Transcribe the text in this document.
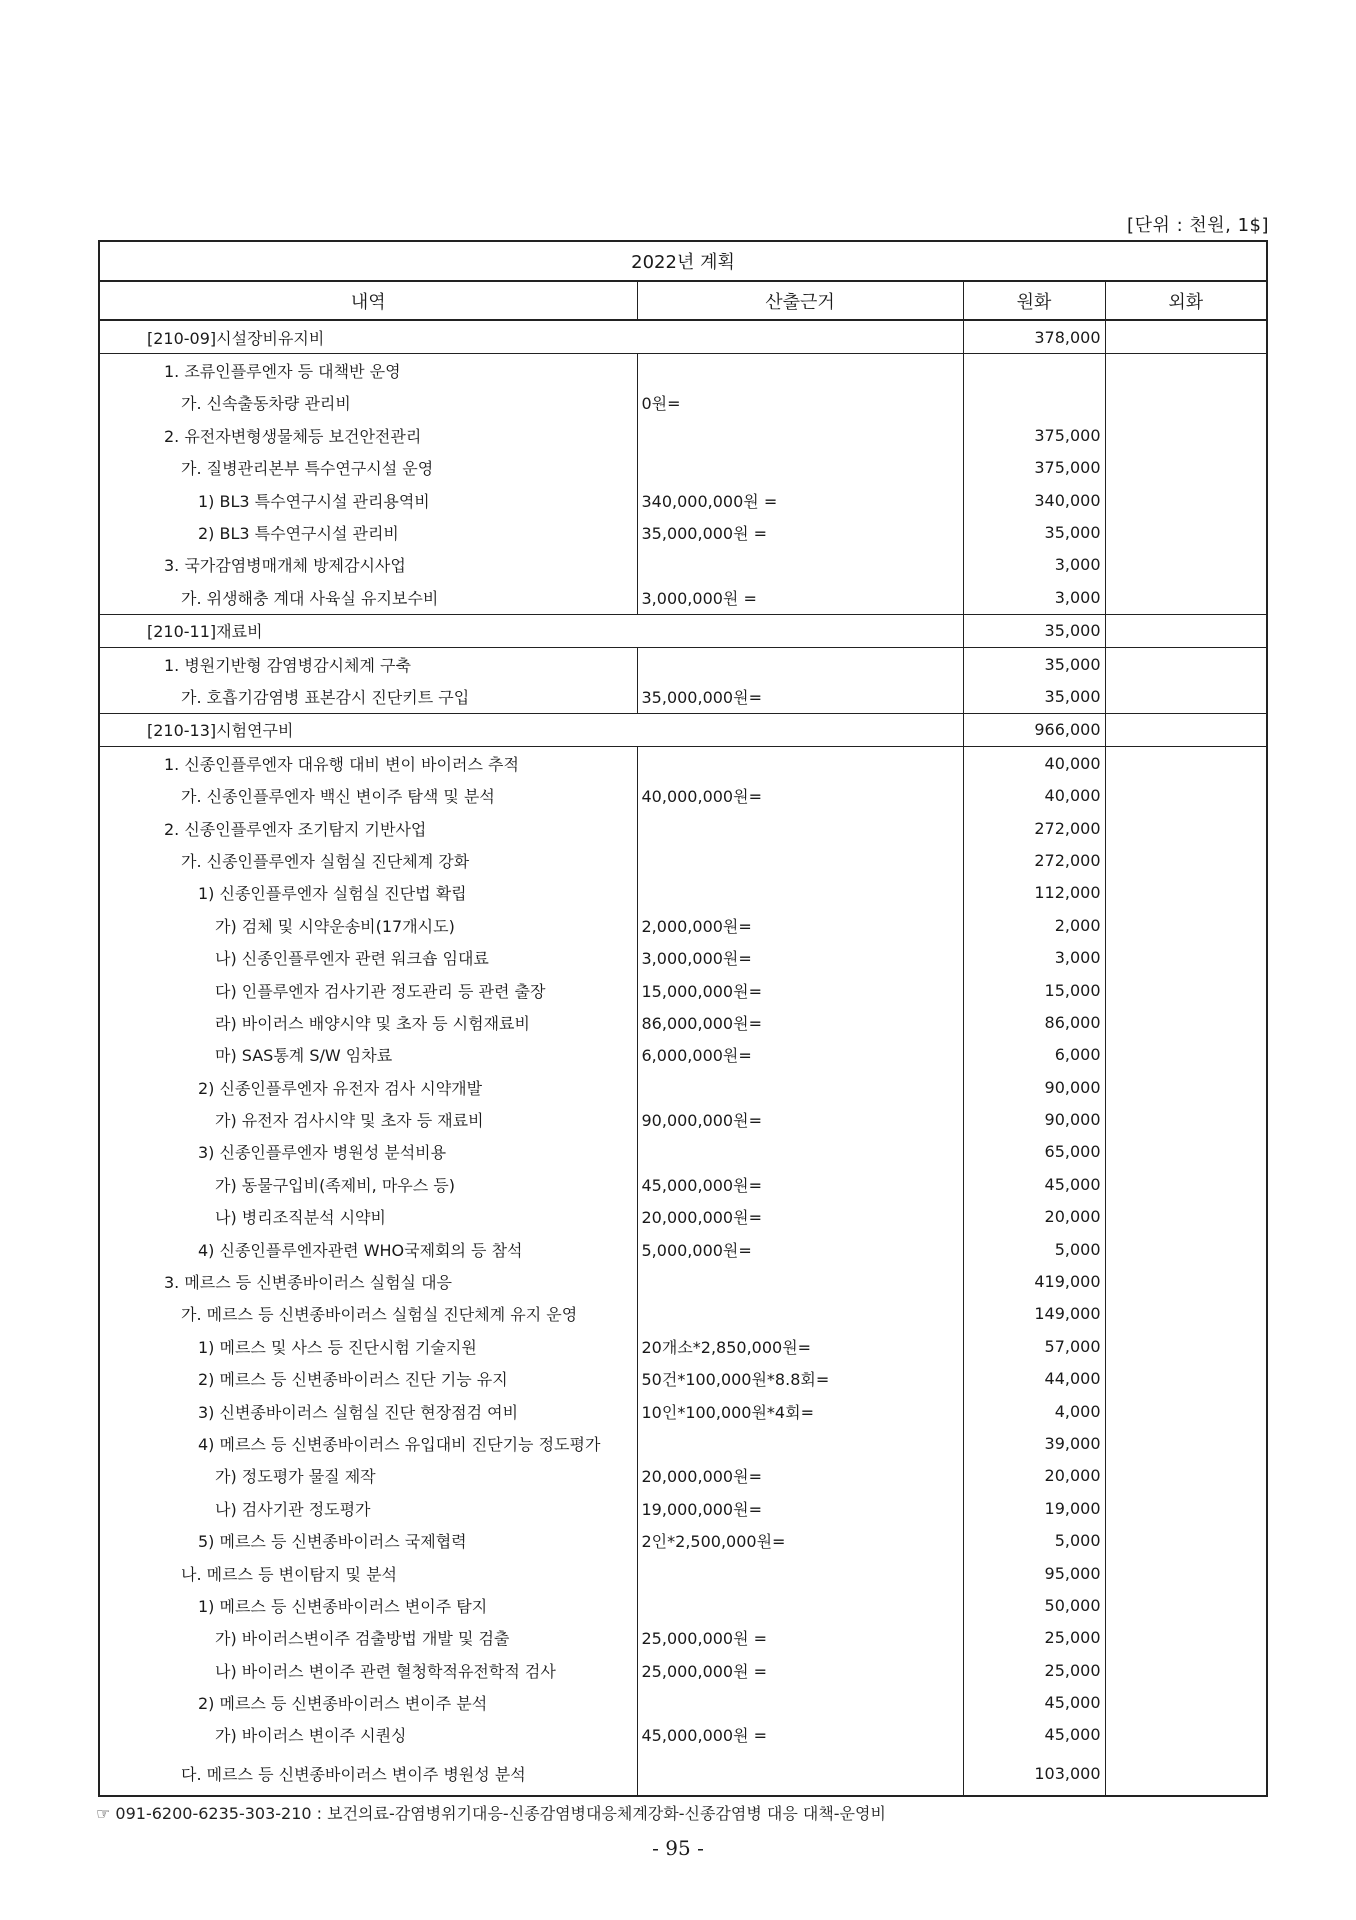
[단위 : 천원, 1$]
2022년 계획			
내역	산출근거	원화	외화
[210-09]시설장비유지비		378,000	
1. 조류인플루엔자 등 대책반 운영			
가. 신속출동차량 관리비	0원=		
2. 유전자변형생물체등 보건안전관리		375,000	
가. 질병관리본부 특수연구시설 운영		375,000	
1) BL3 특수연구시설 관리용역비	340,000,000원 =	340,000	
2) BL3 특수연구시설 관리비	35,000,000원 =	35,000	
3. 국가감염병매개체 방제감시사업		3,000	
가. 위생해충 계대 사육실 유지보수비	3,000,000원 =	3,000	
[210-11]재료비		35,000	
1. 병원기반형 감염병감시체계 구축		35,000	
가. 호흡기감염병 표본감시 진단키트 구입	35,000,000원=	35,000	
[210-13]시험연구비		966,000	
1. 신종인플루엔자 대유행 대비 변이 바이러스 추적		40,000	
가. 신종인플루엔자 백신 변이주 탐색 및 분석	40,000,000원=	40,000	
2. 신종인플루엔자 조기탐지 기반사업		272,000	
가. 신종인플루엔자 실험실 진단체계 강화		272,000	
1) 신종인플루엔자 실험실 진단법 확립		112,000	
가) 검체 및 시약운송비(17개시도)	2,000,000원=	2,000	
나) 신종인플루엔자 관련 워크숍 임대료	3,000,000원=	3,000	
다) 인플루엔자 검사기관 정도관리 등 관련 출장	15,000,000원=	15,000	
라) 바이러스 배양시약 및 초자 등 시험재료비	86,000,000원=	86,000	
마) SAS통계 S/W 임차료	6,000,000원=	6,000	
2) 신종인플루엔자 유전자 검사 시약개발		90,000	
가) 유전자 검사시약 및 초자 등 재료비	90,000,000원=	90,000	
3) 신종인플루엔자 병원성 분석비용		65,000	
가) 동물구입비(족제비, 마우스 등)	45,000,000원=	45,000	
나) 병리조직분석 시약비	20,000,000원=	20,000	
4) 신종인플루엔자관련 WHO국제회의 등 참석	5,000,000원=	5,000	
3. 메르스 등 신변종바이러스 실험실 대응		419,000	
가. 메르스 등 신변종바이러스 실험실 진단체계 유지 운영		149,000	
1) 메르스 및 사스 등 진단시험 기술지원	20개소*2,850,000원=	57,000	
2) 메르스 등 신변종바이러스 진단 기능 유지	50건*100,000원*8.8회=	44,000	
3) 신변종바이러스 실험실 진단 현장점검 여비	10인*100,000원*4회=	4,000	
4) 메르스 등 신변종바이러스 유입대비 진단기능 정도평가		39,000	
가) 정도평가 물질 제작	20,000,000원=	20,000	
나) 검사기관 정도평가	19,000,000원=	19,000	
5) 메르스 등 신변종바이러스 국제협력	2인*2,500,000원=	5,000	
나. 메르스 등 변이탐지 및 분석		95,000	
1) 메르스 등 신변종바이러스 변이주 탐지		50,000	
가) 바이러스변이주 검출방법 개발 및 검출	25,000,000원 =	25,000	
나) 바이러스 변이주 관련 혈청학적유전학적 검사	25,000,000원 =	25,000	
2) 메르스 등 신변종바이러스 변이주 분석		45,000	
가) 바이러스 변이주 시퀀싱	45,000,000원 =	45,000	
다. 메르스 등 신변종바이러스 변이주 병원성 분석		103,000	
☞ 091-6200-6235-303-210 : 보건의료-감염병위기대응-신종감염병대응체계강화-신종감염병 대응 대책-운영비
- 95 -
